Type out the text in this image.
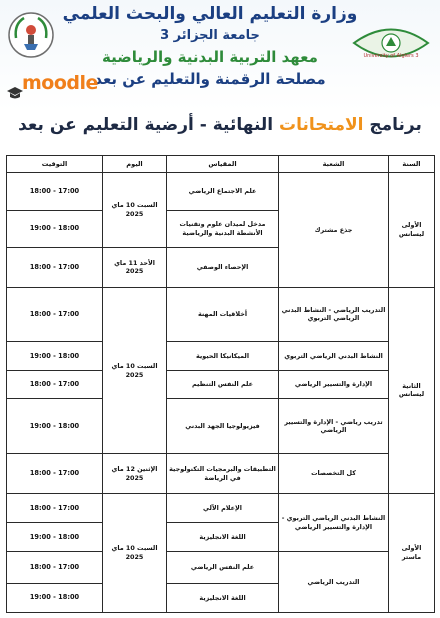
وزارة التعليم العالي والبحث العلمي
جامعة الجزائر 3
معهد التربية البدنية والرياضية
مصلحة الرقمنة والتعليم عن بعد
University of Algiers 3
moodle
برنامج الامتحانات النهائية - أرضية التعليم عن بعد
السنة	الشعبة	المقياس	اليوم	التوقيت
الأولى ليسانس	جذع مشترك	علم الاجتماع الرياضي	السبت 10 ماي 2025	18:00 - 17:00
		مدخل لميدان علوم وتقنيات الأنشطة البدنية والرياضية		19:00 - 18:00
		الإحصاء الوصفي	الأحد 11 ماي 2025	18:00 - 17:00
الثانية ليسانس	التدريب الرياضي - النشاط البدني الرياضي التربوي	أخلاقيات المهنة	السبت 10 ماي 2025	18:00 - 17:00
	النشاط البدني الرياضي التربوي	الميكانيكا الحيوية		19:00 - 18:00
	الإدارة والتسيير الرياضي	علم النفس التنظيم		18:00 - 17:00
	تدريب رياضي - الإدارة والتسيير الرياضي	فيزيولوجيا الجهد البدني		19:00 - 18:00
	كل التخصصات	التطبيقات والبرمجيات التكنولوجية في الرياضة	الإثنين 12 ماي 2025	18:00 - 17:00
الأولى ماستر	النشاط البدني الرياضي التربوي - الإدارة والتسيير الرياضي	الإعلام الآلي	السبت 10 ماي 2025	18:00 - 17:00
		اللغة الانجليزية		19:00 - 18:00
	التدريب الرياضي	علم النفس الرياضي		18:00 - 17:00
		اللغة الانجليزية		19:00 - 18:00
